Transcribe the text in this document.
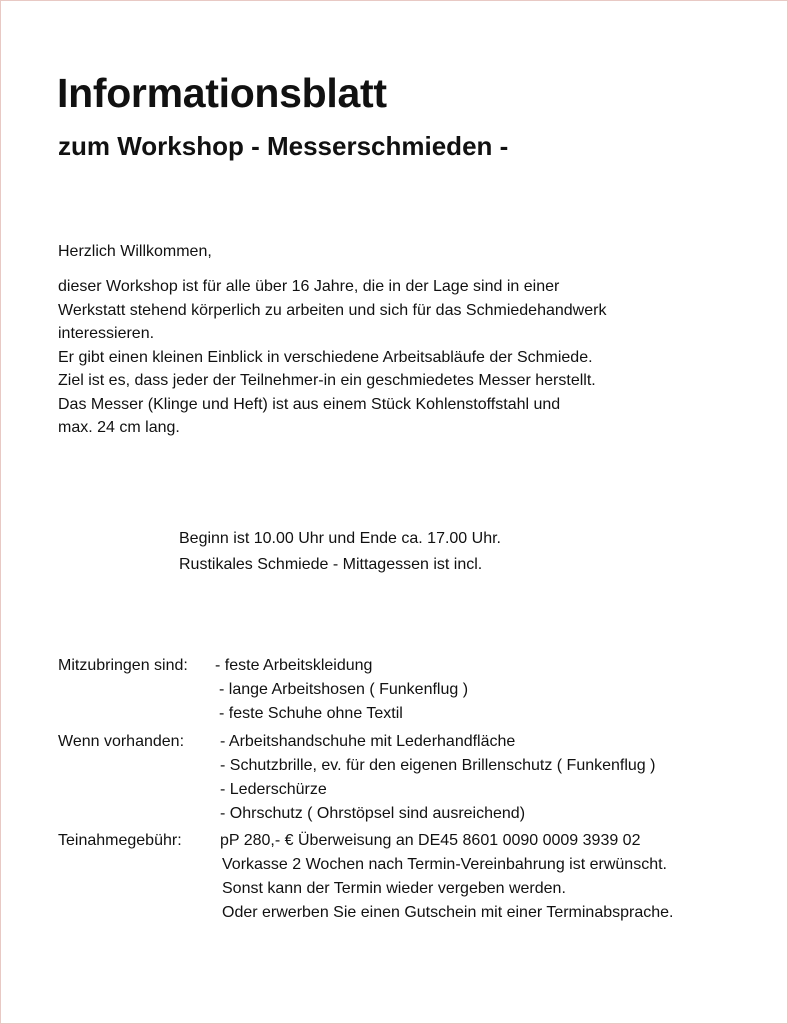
Informationsblatt
zum Workshop - Messerschmieden -
Herzlich Willkommen,
dieser Workshop ist für alle über 16 Jahre, die in der Lage sind in einer
Werkstatt stehend körperlich zu arbeiten und sich für das Schmiedehandwerk
interessieren.
Er gibt einen kleinen Einblick in verschiedene Arbeitsabläufe der Schmiede.
Ziel ist es, dass jeder der Teilnehmer-in ein geschmiedetes Messer herstellt.
Das Messer (Klinge und Heft) ist aus einem Stück Kohlenstoffstahl und
max. 24 cm lang.
Beginn ist 10.00 Uhr und Ende ca. 17.00 Uhr.
Rustikales Schmiede - Mittagessen ist incl.
Mitzubringen sind: - feste Arbeitskleidung
- lange Arbeitshosen ( Funkenflug )
- feste Schuhe ohne Textil
Wenn vorhanden: - Arbeitshandschuhe mit Lederhandfläche
- Schutzbrille, ev. für den eigenen Brillenschutz ( Funkenflug )
- Lederschürze
- Ohrschutz ( Ohrstöpsel sind ausreichend)
Teinahmegebühr: pP 280,- € Überweisung an DE45 8601 0090 0009 3939 02
Vorkasse 2 Wochen nach Termin-Vereinbahrung ist erwünscht.
Sonst kann der Termin wieder vergeben werden.
Oder erwerben Sie einen Gutschein mit einer Terminabsprache.
